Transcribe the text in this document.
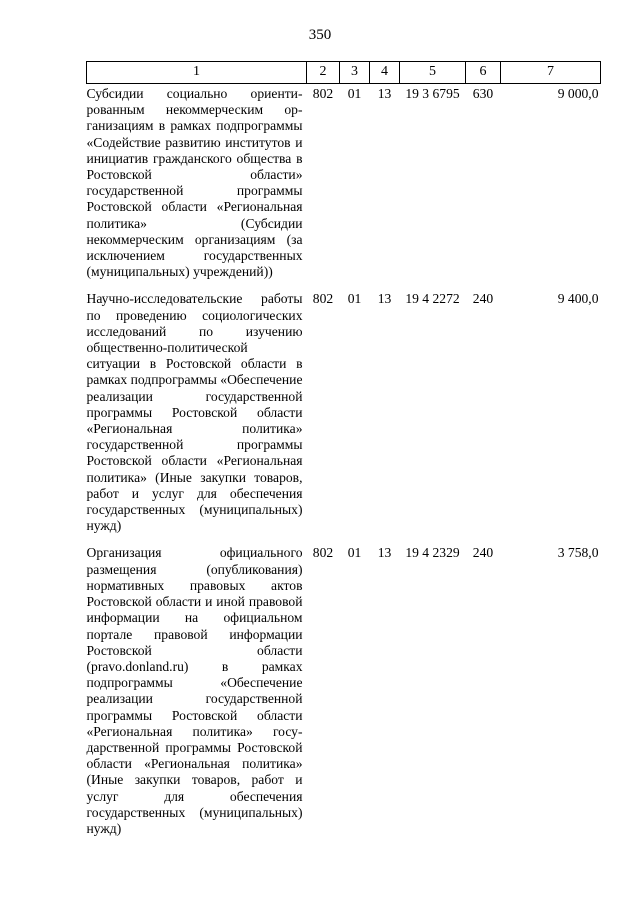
350
1	2	3	4	5	6	7
Субсидии социально ориентированным некоммерческим организациям в рамках подпрограммы «Содействие развитию институтов и инициатив гражданского общества в Ростовской области» государственной программы Ростовской области «Региональная политика» (Субсидии некоммерческим организациям (за исключением государственных (муниципальных) учреждений))	802	01	13	19 3 6795	630	9 000,0
Научно-исследовательские работы по проведению социологических исследований по изучению общественно-политической ситуации в Ростовской области в рамках подпрограммы «Обеспечение реализации государственной программы Ростовской области «Региональная политика» государственной программы Ростовской области «Региональная политика» (Иные закупки товаров, работ и услуг для обеспечения государственных (муниципальных) нужд)	802	01	13	19 4 2272	240	9 400,0
Организация официального размещения (опубликования) нормативных правовых актов Ростовской области и иной правовой информации на официальном портале правовой информации Ростовской области (pravo.donland.ru) в рамках подпрограммы «Обеспечение реализации государственной программы Ростовской области «Региональная политика» государственной программы Ростовской области «Региональная политика» (Иные закупки товаров, работ и услуг для обеспечения государственных (муниципальных) нужд)	802	01	13	19 4 2329	240	3 758,0
